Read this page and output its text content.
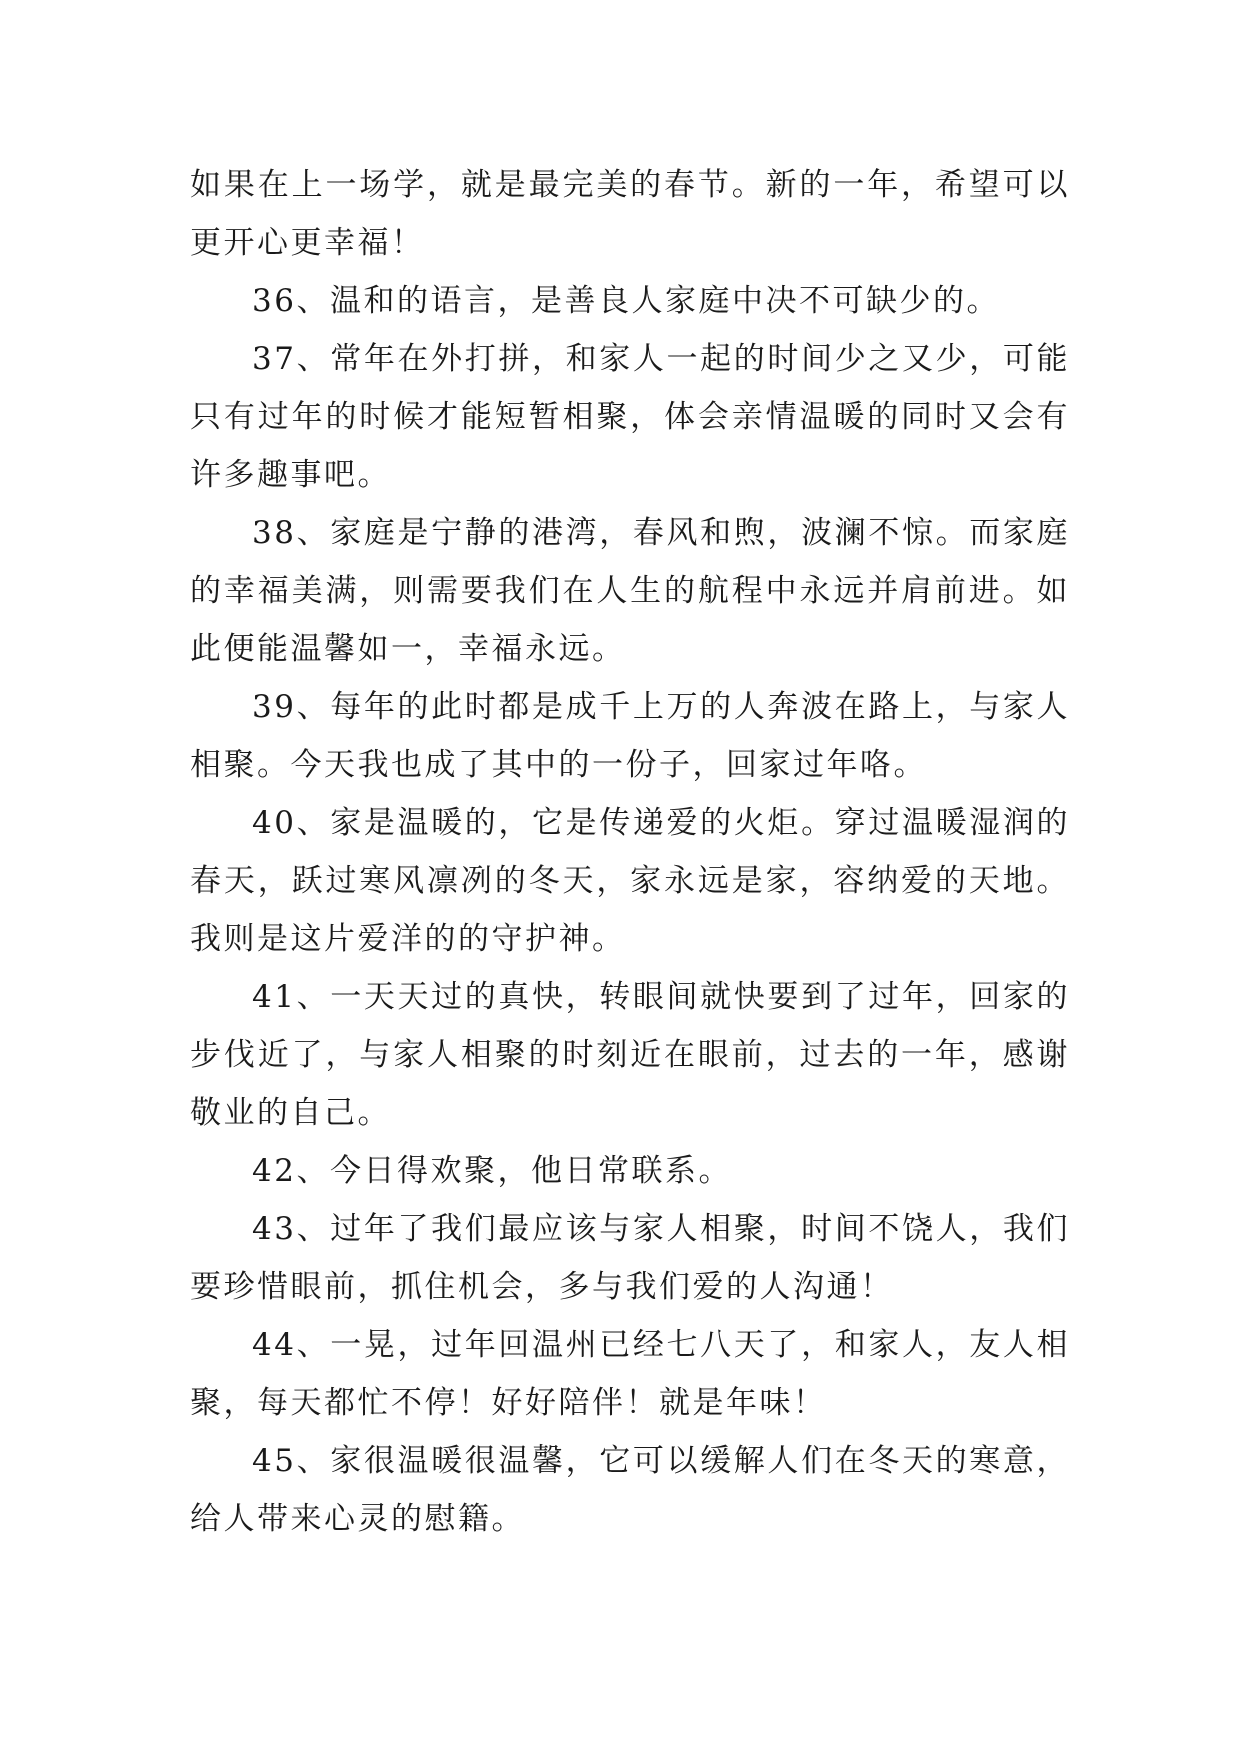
如果在上一场学，就是最完美的春节。新的一年，希望可以更开心更幸福！

36、温和的语言，是善良人家庭中决不可缺少的。

37、常年在外打拼，和家人一起的时间少之又少，可能只有过年的时候才能短暂相聚，体会亲情温暖的同时又会有许多趣事吧。

38、家庭是宁静的港湾，春风和煦，波澜不惊。而家庭的幸福美满，则需要我们在人生的航程中永远并肩前进。如此便能温馨如一，幸福永远。

39、每年的此时都是成千上万的人奔波在路上，与家人相聚。今天我也成了其中的一份子，回家过年咯。

40、家是温暖的，它是传递爱的火炬。穿过温暖湿润的春天，跃过寒风凛冽的冬天，家永远是家，容纳爱的天地。我则是这片爱洋的的守护神。

41、一天天过的真快，转眼间就快要到了过年，回家的步伐近了，与家人相聚的时刻近在眼前，过去的一年，感谢敬业的自己。

42、今日得欢聚，他日常联系。

43、过年了我们最应该与家人相聚，时间不饶人，我们要珍惜眼前，抓住机会，多与我们爱的人沟通！

44、一晃，过年回温州已经七八天了，和家人，友人相聚，每天都忙不停！好好陪伴！就是年味！

45、家很温暖很温馨，它可以缓解人们在冬天的寒意，给人带来心灵的慰籍。
